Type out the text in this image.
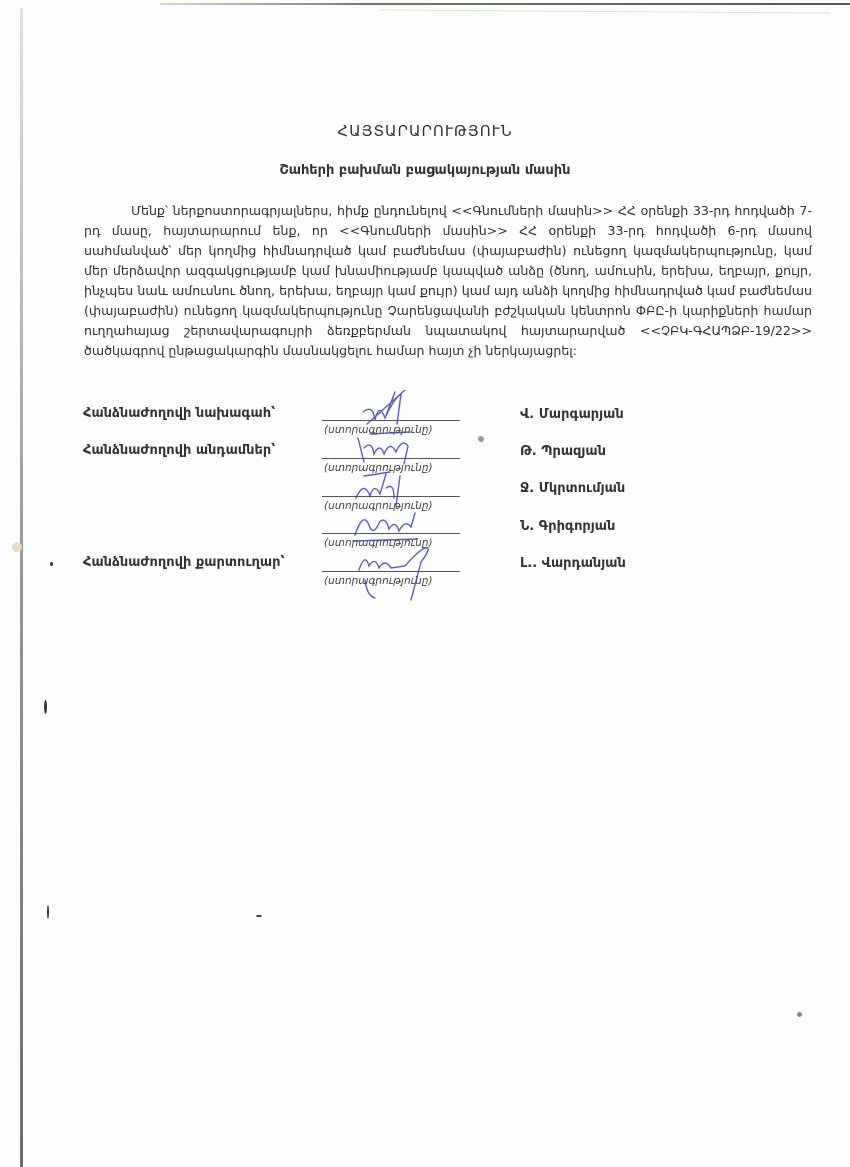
ՀԱՅՏԱՐԱՐՈՒԹՅՈՒՆ
Շահերի բախման բացակայության մասին

Մենք՝ ներքոստորագրյալներս, հիմք ընդունելով <<Գնումների մասին>> ՀՀ օրենքի 33-րդ հոդվածի 7-րդ մասը, հայտարարում ենք, որ <<Գնումների մասին>> ՀՀ օրենքի 33-րդ հոդվածի 6-րդ մասով սահմանված՝ մեր կողմից հիմնադրված կամ բաժնեմաս (փայաբաժին) ունեցող կազմակերպությունը, կամ մեր մերձավոր ազգակցությամբ կամ խնամիությամբ կապված անձը (ծնող, ամուսին, երեխա, եղբայր, քույր, ինչպես նաև ամուսնու ծնող, երեխա, եղբայր կամ քույր) կամ այդ անձի կողմից հիմնադրված կամ բաժնեմաս (փայաբաժին) ունեցող կազմակերպությունը Չարենցավանի բժշկական կենտրոն ՓԲԸ-ի կարիքների համար ուղղահայաց շերտավարագույրի ձեռքբերման նպատակով հայտարարված <<ՉԲԿ-ԳՀԱՊՁԲ-19/22>> ծածկագրով ընթացակարգին մասնակցելու համար հայտ չի ներկայացրել:

Հանձնաժողովի նախագահ՝
Հանձնաժողովի անդամներ՝
Հանձնաժողովի քարտուղար՝
(ստորագրությունը)
(ստորագրությունը)
(ստորագրությունը)
(ստորագրությունը)
(ստորագրությունը)
Վ. Մարգարյան
Թ. Պրազյան
Ջ. Մկրտումյան
Ն. Գրիգորյան
Լ.. Վարդանյան
